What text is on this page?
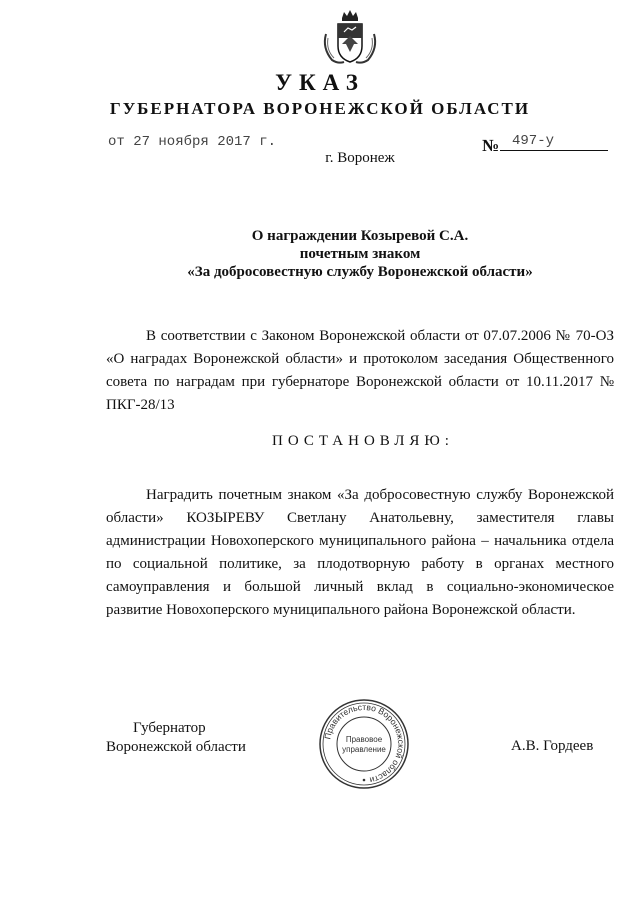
УКАЗ
ГУБЕРНАТОРА ВОРОНЕЖСКОЙ ОБЛАСТИ
от 27 ноября 2017 г.	№ 497-у
г. Воронеж
О награждении Козыревой С.А.
почетным знаком
«За добросовестную службу Воронежской области»
В соответствии с Законом Воронежской области от 07.07.2006 № 70-ОЗ «О наградах Воронежской области» и протоколом заседания Общественного совета по наградам при губернаторе Воронежской области от 10.11.2017 № ПКГ-28/13
ПОСТАНОВЛЯЮ:
Наградить почетным знаком «За добросовестную службу Воронежской области» КОЗЫРЕВУ Светлану Анатольевну, заместителя главы администрации Новохоперского муниципального района – начальника отдела по социальной политике, за плодотворную работу в органах местного самоуправления и большой личный вклад в социально-экономическое развитие Новохоперского муниципального района Воронежской области.
Губернатор
Воронежской области
Правительство Воронежской области
Правовое
управление	А.В. Гордеев
